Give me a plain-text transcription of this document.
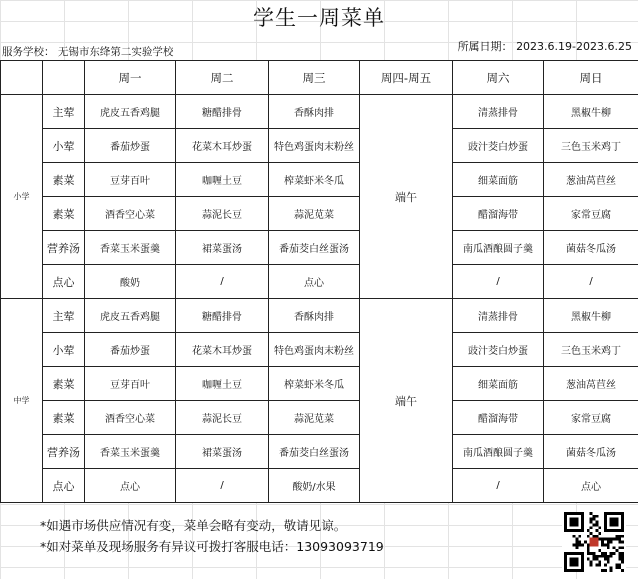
学生一周菜单
服务学校： 无锡市东绛第二实验学校	所属日期： 2023.6.19-2023.6.25
		周一	周二	周三	周四-周五	周六	周日
小学	主荤	虎皮五香鸡腿	糖醋排骨	香酥肉排	端午	清蒸排骨	黑椒牛柳
	小荤	番茄炒蛋	花菜木耳炒蛋	特色鸡蛋肉末粉丝		豉汁茭白炒蛋	三色玉米鸡丁
	素菜	豆芽百叶	咖喱土豆	榨菜虾米冬瓜		细菜面筋	葱油莴苣丝
	素菜	酒香空心菜	蒜泥长豆	蒜泥苋菜		醋溜海带	家常豆腐
	营养汤	香菜玉米蛋羹	裙菜蛋汤	番茄茭白丝蛋汤		南瓜酒酿圆子羹	菌菇冬瓜汤
	点心	酸奶	/	点心		/	/
中学	主荤	虎皮五香鸡腿	糖醋排骨	香酥肉排	端午	清蒸排骨	黑椒牛柳
	小荤	番茄炒蛋	花菜木耳炒蛋	特色鸡蛋肉末粉丝		豉汁茭白炒蛋	三色玉米鸡丁
	素菜	豆芽百叶	咖喱土豆	榨菜虾米冬瓜		细菜面筋	葱油莴苣丝
	素菜	酒香空心菜	蒜泥长豆	蒜泥苋菜		醋溜海带	家常豆腐
	营养汤	香菜玉米蛋羹	裙菜蛋汤	番茄茭白丝蛋汤		南瓜酒酿圆子羹	菌菇冬瓜汤
	点心	点心	/	酸奶/水果		/	点心
*如遇市场供应情况有变，菜单会略有变动，敬请见谅。
*如对菜单及现场服务有异议可拨打客服电话：13093093719
